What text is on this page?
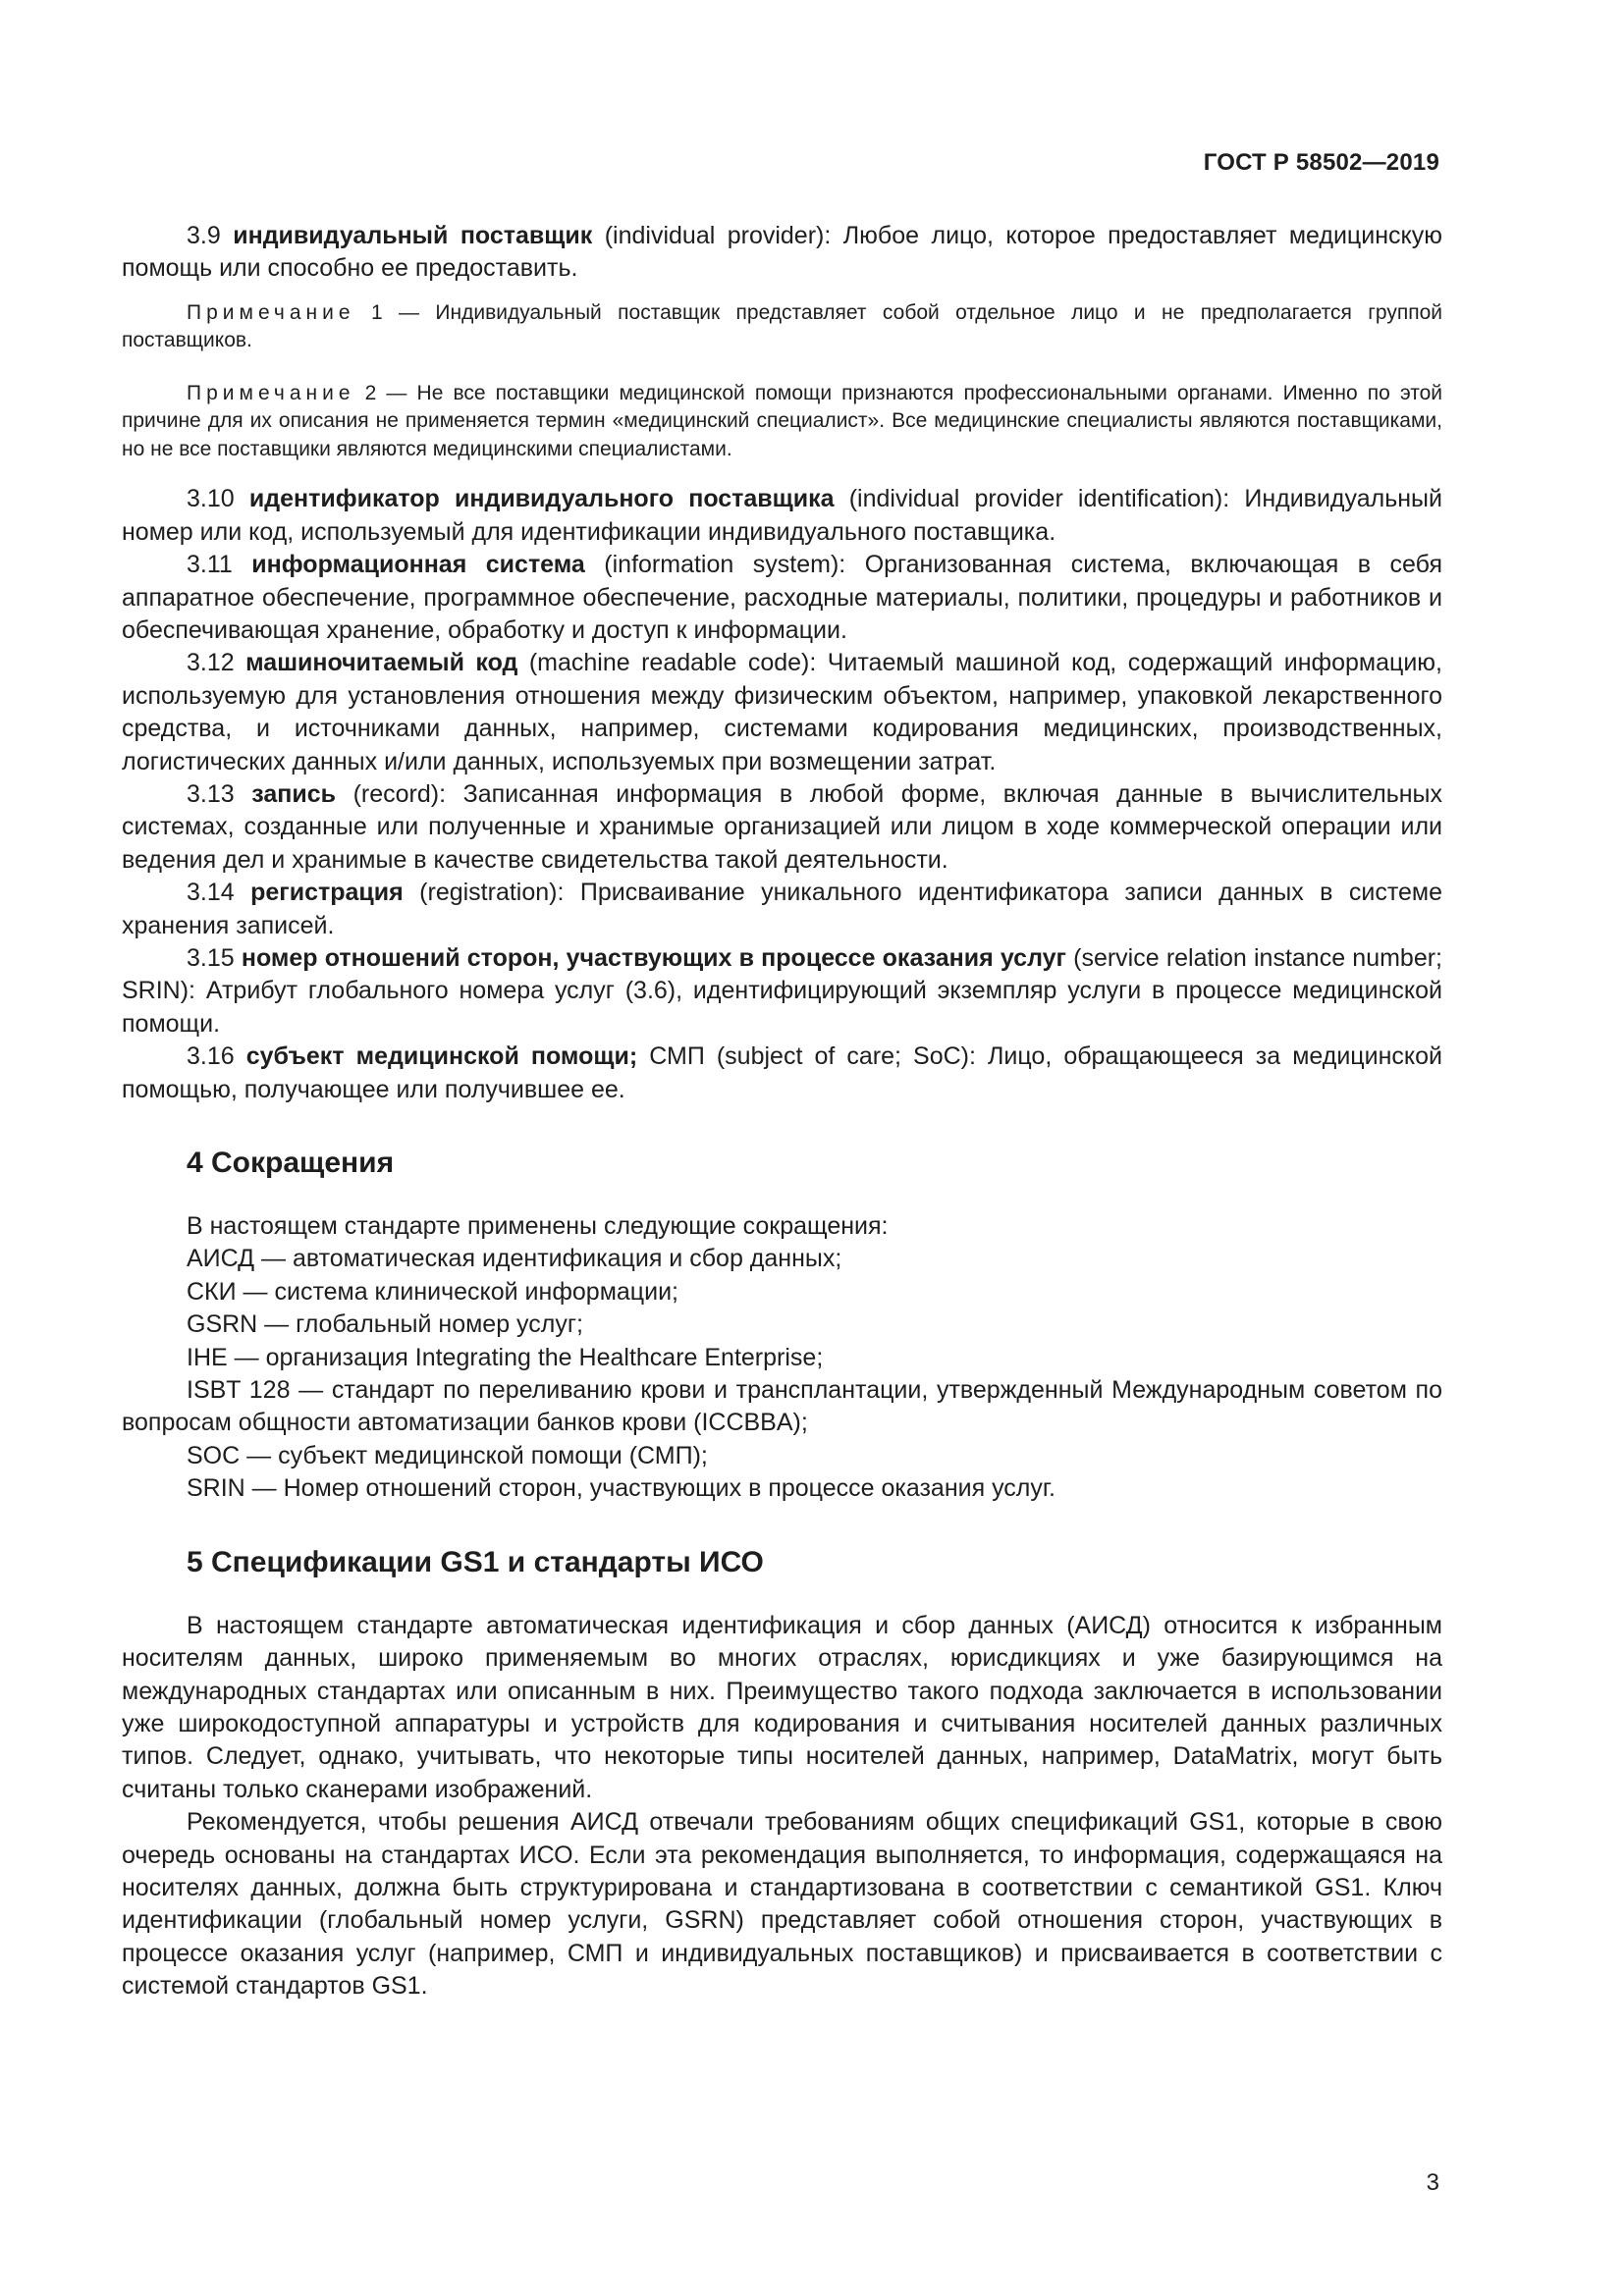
ГОСТ Р 58502—2019

3.9 индивидуальный поставщик (individual provider): Любое лицо, которое предоставляет медицинскую помощь или способно ее предоставить.

Примечание 1 — Индивидуальный поставщик представляет собой отдельное лицо и не предполагается группой поставщиков.

Примечание 2 — Не все поставщики медицинской помощи признаются профессиональными органами. Именно по этой причине для их описания не применяется термин «медицинский специалист». Все медицинские специалисты являются поставщиками, но не все поставщики являются медицинскими специалистами.

3.10 идентификатор индивидуального поставщика (individual provider identification): Индивидуальный номер или код, используемый для идентификации индивидуального поставщика.

3.11 информационная система (information system): Организованная система, включающая в себя аппаратное обеспечение, программное обеспечение, расходные материалы, политики, процедуры и работников и обеспечивающая хранение, обработку и доступ к информации.

3.12 машиночитаемый код (machine readable code): Читаемый машиной код, содержащий информацию, используемую для установления отношения между физическим объектом, например, упаковкой лекарственного средства, и источниками данных, например, системами кодирования медицинских, производственных, логистических данных и/или данных, используемых при возмещении затрат.

3.13 запись (record): Записанная информация в любой форме, включая данные в вычислительных системах, созданные или полученные и хранимые организацией или лицом в ходе коммерческой операции или ведения дел и хранимые в качестве свидетельства такой деятельности.

3.14 регистрация (registration): Присваивание уникального идентификатора записи данных в системе хранения записей.

3.15 номер отношений сторон, участвующих в процессе оказания услуг (service relation instance number; SRIN): Атрибут глобального номера услуг (3.6), идентифицирующий экземпляр услуги в процессе медицинской помощи.

3.16 субъект медицинской помощи; СМП (subject of care; SoC): Лицо, обращающееся за медицинской помощью, получающее или получившее ее.

4 Сокращения

В настоящем стандарте применены следующие сокращения:

АИСД — автоматическая идентификация и сбор данных;

СКИ — система клинической информации;

GSRN — глобальный номер услуг;

IHE — организация Integrating the Healthcare Enterprise;

ISBT 128 — стандарт по переливанию крови и трансплантации, утвержденный Международным советом по вопросам общности автоматизации банков крови (ICCBBA);

SOC — субъект медицинской помощи (СМП);

SRIN — Номер отношений сторон, участвующих в процессе оказания услуг.

5 Спецификации GS1 и стандарты ИСО

В настоящем стандарте автоматическая идентификация и сбор данных (АИСД) относится к избранным носителям данных, широко применяемым во многих отраслях, юрисдикциях и уже базирующимся на международных стандартах или описанным в них. Преимущество такого подхода заключается в использовании уже широкодоступной аппаратуры и устройств для кодирования и считывания носителей данных различных типов. Следует, однако, учитывать, что некоторые типы носителей данных, например, DataMatrix, могут быть считаны только сканерами изображений.

Рекомендуется, чтобы решения АИСД отвечали требованиям общих спецификаций GS1, которые в свою очередь основаны на стандартах ИСО. Если эта рекомендация выполняется, то информация, содержащаяся на носителях данных, должна быть структурирована и стандартизована в соответствии с семантикой GS1. Ключ идентификации (глобальный номер услуги, GSRN) представляет собой отношения сторон, участвующих в процессе оказания услуг (например, СМП и индивидуальных поставщиков) и присваивается в соответствии с системой стандартов GS1.

3
